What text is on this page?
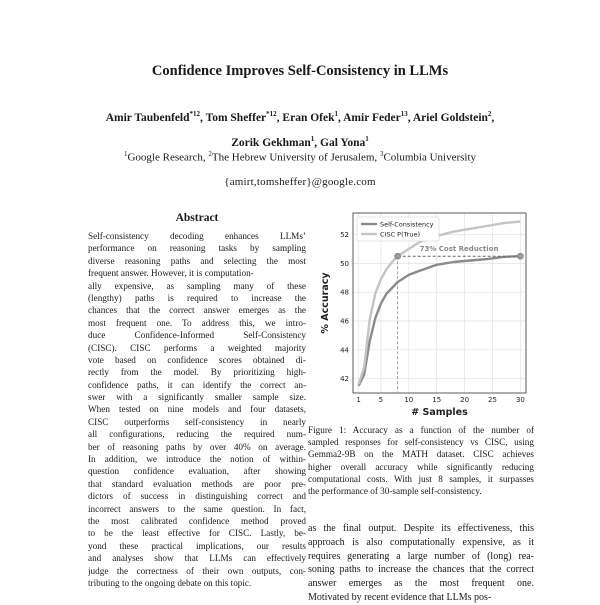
Confidence Improves Self-Consistency in LLMs
Amir Taubenfeld$^{*12}$, Tom Sheffer$^{*12}$, Eran Ofek$^1$, Amir Feder$^{13}$, Ariel Goldstein$^2$,
Zorik Gekhman$^1$, Gal Yona$^1$
$^1$Google Research, $^2$The Hebrew University of Jerusalem, $^3$Columbia University
{amirt,tomsheffer}@google.com
Abstract
Self-consistency decoding enhances LLMs’
performance on reasoning tasks by sampling
diverse reasoning paths and selecting the most
frequent answer. However, it is computation-
ally expensive, as sampling many of these
(lengthy) paths is required to increase the
chances that the correct answer emerges as the
most frequent one. To address this, we intro-
duce Confidence-Informed Self-Consistency
(CISC). CISC performs a weighted majority
vote based on confidence scores obtained di-
rectly from the model. By prioritizing high-
confidence paths, it can identify the correct an-
swer with a significantly smaller sample size.
When tested on nine models and four datasets,
CISC outperforms self-consistency in nearly
all configurations, reducing the required num-
ber of reasoning paths by over 40% on average.
In addition, we introduce the notion of within-
question confidence evaluation, after showing
that standard evaluation methods are poor pre-
dictors of success in distinguishing correct and
incorrect answers to the same question. In fact,
the most calibrated confidence method proved
to be the least effective for CISC. Lastly, be-
yond these practical implications, our results
and analyses show that LLMs can effectively
judge the correctness of their own outputs, con-
tributing to the ongoing debate on this topic.
42
44
46
48
50
52
1	5	10	15	20	25	30
# Samples
% Accuracy
73% Cost Reduction
Self-Consistency
CISC P(True)
Figure 1: Accuracy as a function of the number of
sampled responses for self-consistency vs CISC, using
Gemma2-9B on the MATH dataset. CISC achieves
higher overall accuracy while significantly reducing
computational costs. With just 8 samples, it surpasses
the performance of 30-sample self-consistency.
as the final output. Despite its effectiveness, this
approach is also computationally expensive, as it
requires generating a large number of (long) rea-
soning paths to increase the chances that the correct
answer emerges as the most frequent one.
Motivated by recent evidence that LLMs pos-
